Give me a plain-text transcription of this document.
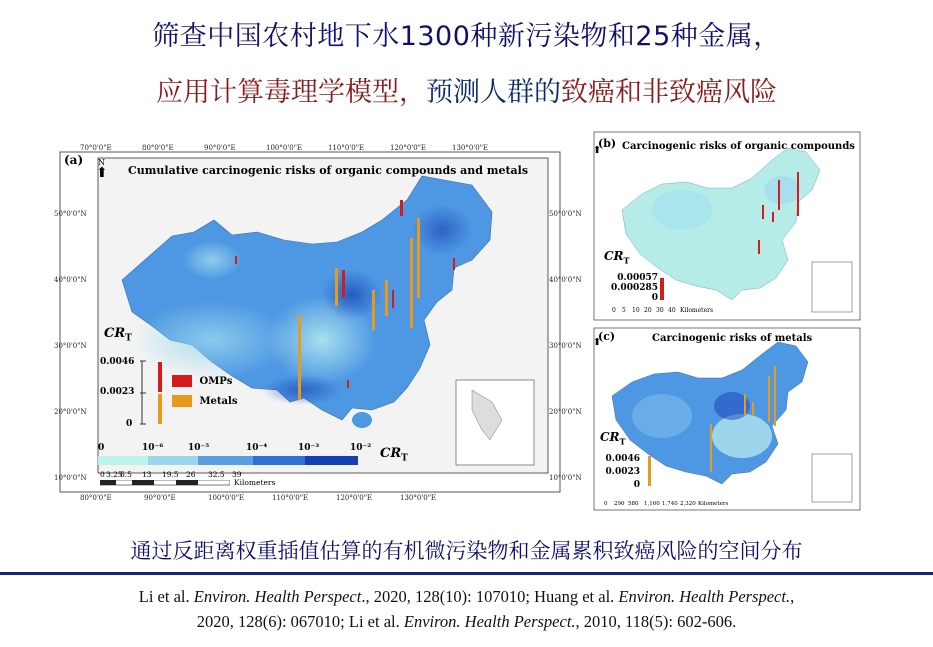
筛查中国农村地下水1300种新污染物和25种金属，
应用计算毒理学模型，预测人群的致癌和非致癌风险
(a)
Cumulative carcinogenic risks of organic compounds and metals
⬆
N
70°0'0"E	80°0'0"E	90°0'0"E	100°0'0"E	110°0'0"E	120°0'0"E	130°0'0"E
80°0'0"E	90°0'0"E	100°0'0"E	110°0'0"E	120°0'0"E	130°0'0"E
50°0'0"N
40°0'0"N
30°0'0"N
20°0'0"N
10°0'0"N
50°0'0"N
40°0'0"N
30°0'0"N
20°0'0"N
10°0'0"N
$CR_T$
0.0046
0.0023
0
OMPs
Metals
0	10⁻⁶	10⁻⁵	10⁻⁴	10⁻³	10⁻² $CR_T$
0 3.25
6.5 13 19.5 26 32.5 39
Kilometers
(b) Carcinogenic risks of organic compounds
⬆
$CR_T$
0.00057
0.000285
0
0 5 10 20 30 40 Kilometers
(c)	Carcinogenic risks of metals
⬆
$CR_T$
0.0046
0.0023
0
0 290 580 1,160 1,740 2,320 Kilometers
通过反距离权重插值估算的有机微污染物和金属累积致癌风险的空间分布
Li et al. Environ. Health Perspect., 2020, 128(10): 107010; Huang et al. Environ. Health Perspect.,
2020, 128(6): 067010; Li et al. Environ. Health Perspect., 2010, 118(5): 602-606.
